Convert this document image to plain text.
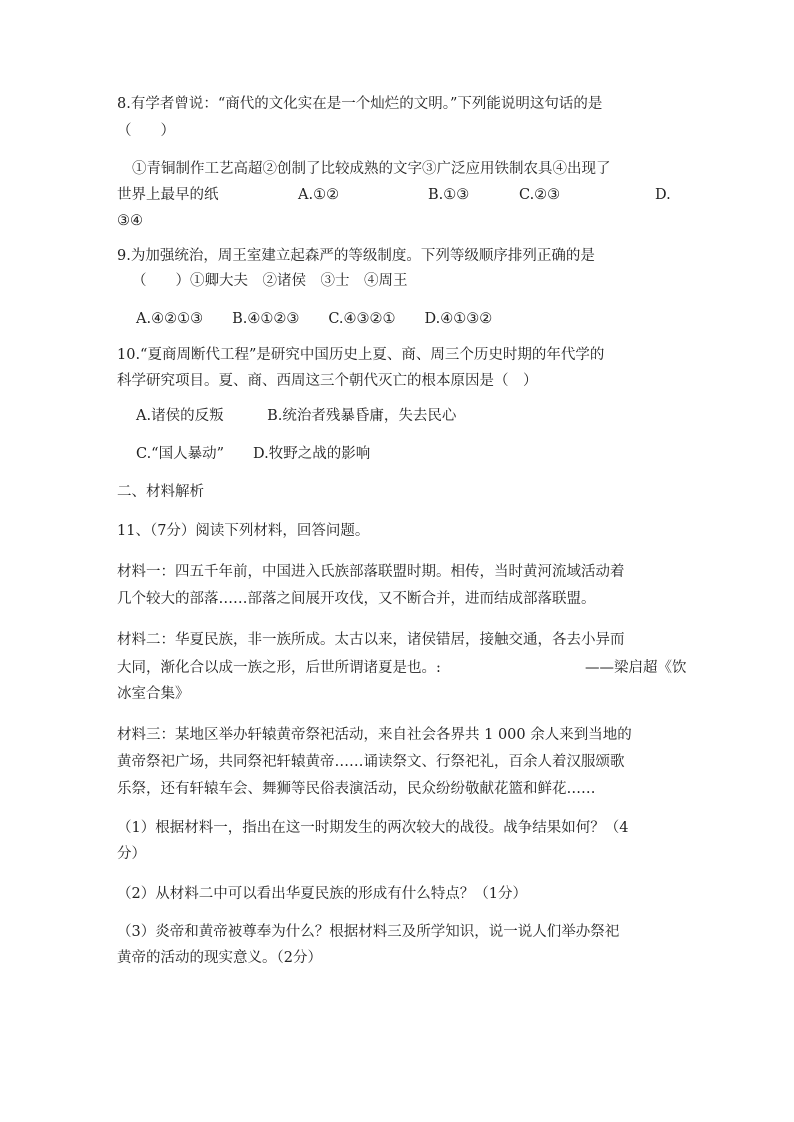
8.有学者曾说：“商代的文化实在是一个灿烂的文明。”下列能说明这句话的是
（　　）
①青铜制作工艺高超②创制了比较成熟的文字③广泛应用铁制农具④出现了
世界上最早的纸	A.①②	B.①③	C.②③	D.
③④
9.为加强统治，周王室建立起森严的等级制度。下列等级顺序排列正确的是
（　　）①卿大夫　②诸侯　③士　④周王
A.④②①③　　B.④①②③　　C.④③②①　　D.④①③②
10.“夏商周断代工程”是研究中国历史上夏、商、周三个历史时期的年代学的
科学研究项目。夏、商、西周这三个朝代灭亡的根本原因是（　）
A.诸侯的反叛　　　B.统治者残暴昏庸，失去民心
C.“国人暴动”　　D.牧野之战的影响
二、材料解析
11、（7分）阅读下列材料，回答问题。
材料一：四五千年前，中国进入氏族部落联盟时期。相传，当时黄河流域活动着
几个较大的部落……部落之间展开攻伐，又不断合并，进而结成部落联盟。
材料二：华夏民族，非一族所成。太古以来，诸侯错居，接触交通，各去小异而
大同，渐化合以成一族之形，后世所谓诸夏是也。:	——梁启超《饮
冰室合集》
材料三：某地区举办轩辕黄帝祭祀活动，来自社会各界共 1 000 余人来到当地的
黄帝祭祀广场，共同祭祀轩辕黄帝……诵读祭文、行祭祀礼，百余人着汉服颂歌
乐祭，还有轩辕车会、舞狮等民俗表演活动，民众纷纷敬献花篮和鲜花……
（1）根据材料一，指出在这一时期发生的两次较大的战役。战争结果如何？（4
分）
（2）从材料二中可以看出华夏民族的形成有什么特点？（1分）
（3）炎帝和黄帝被尊奉为什么？根据材料三及所学知识，说一说人们举办祭祀
黄帝的活动的现实意义。（2分）
